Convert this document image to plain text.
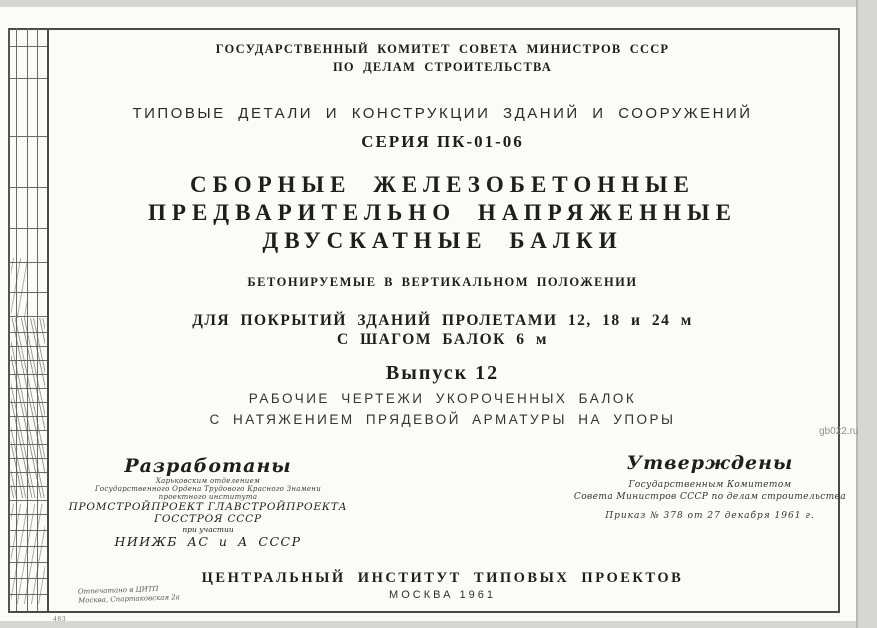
ГОСУДАРСТВЕННЫЙ КОМИТЕТ СОВЕТА МИНИСТРОВ СССР
ПО ДЕЛАМ СТРОИТЕЛЬСТВА
ТИПОВЫЕ ДЕТАЛИ И КОНСТРУКЦИИ ЗДАНИЙ И СООРУЖЕНИЙ
СЕРИЯ ПК-01-06
СБОРНЫЕ ЖЕЛЕЗОБЕТОННЫЕ
ПРЕДВАРИТЕЛЬНО НАПРЯЖЕННЫЕ
ДВУСКАТНЫЕ БАЛКИ
БЕТОНИРУЕМЫЕ В ВЕРТИКАЛЬНОМ ПОЛОЖЕНИИ
ДЛЯ ПОКРЫТИЙ ЗДАНИЙ ПРОЛЕТАМИ 12, 18 и 24 м
С ШАГОМ БАЛОК 6 м
Выпуск 12
РАБОЧИЕ ЧЕРТЕЖИ УКОРОЧЕННЫХ БАЛОК
С НАТЯЖЕНИЕМ ПРЯДЕВОЙ АРМАТУРЫ НА УПОРЫ
Разработаны
Харьковским отделением
Государственного Ордена Трудового Красного Знамени
проектного института
ПРОМСТРОЙПРОЕКТ ГЛАВСТРОЙПРОЕКТА
ГОССТРОЯ СССР
при участии
НИИЖБ АС и А СССР
Утверждены
Государственным Комитетом
Совета Министров СССР по делам строительства
Приказ № 378 от 27 декабря 1961 г.
ЦЕНТРАЛЬНЫЙ ИНСТИТУТ ТИПОВЫХ ПРОЕКТОВ
МОСКВА 1961
Отпечатано в ЦИТП
Москва, Спартаковская 2а
gb022.ru
483
